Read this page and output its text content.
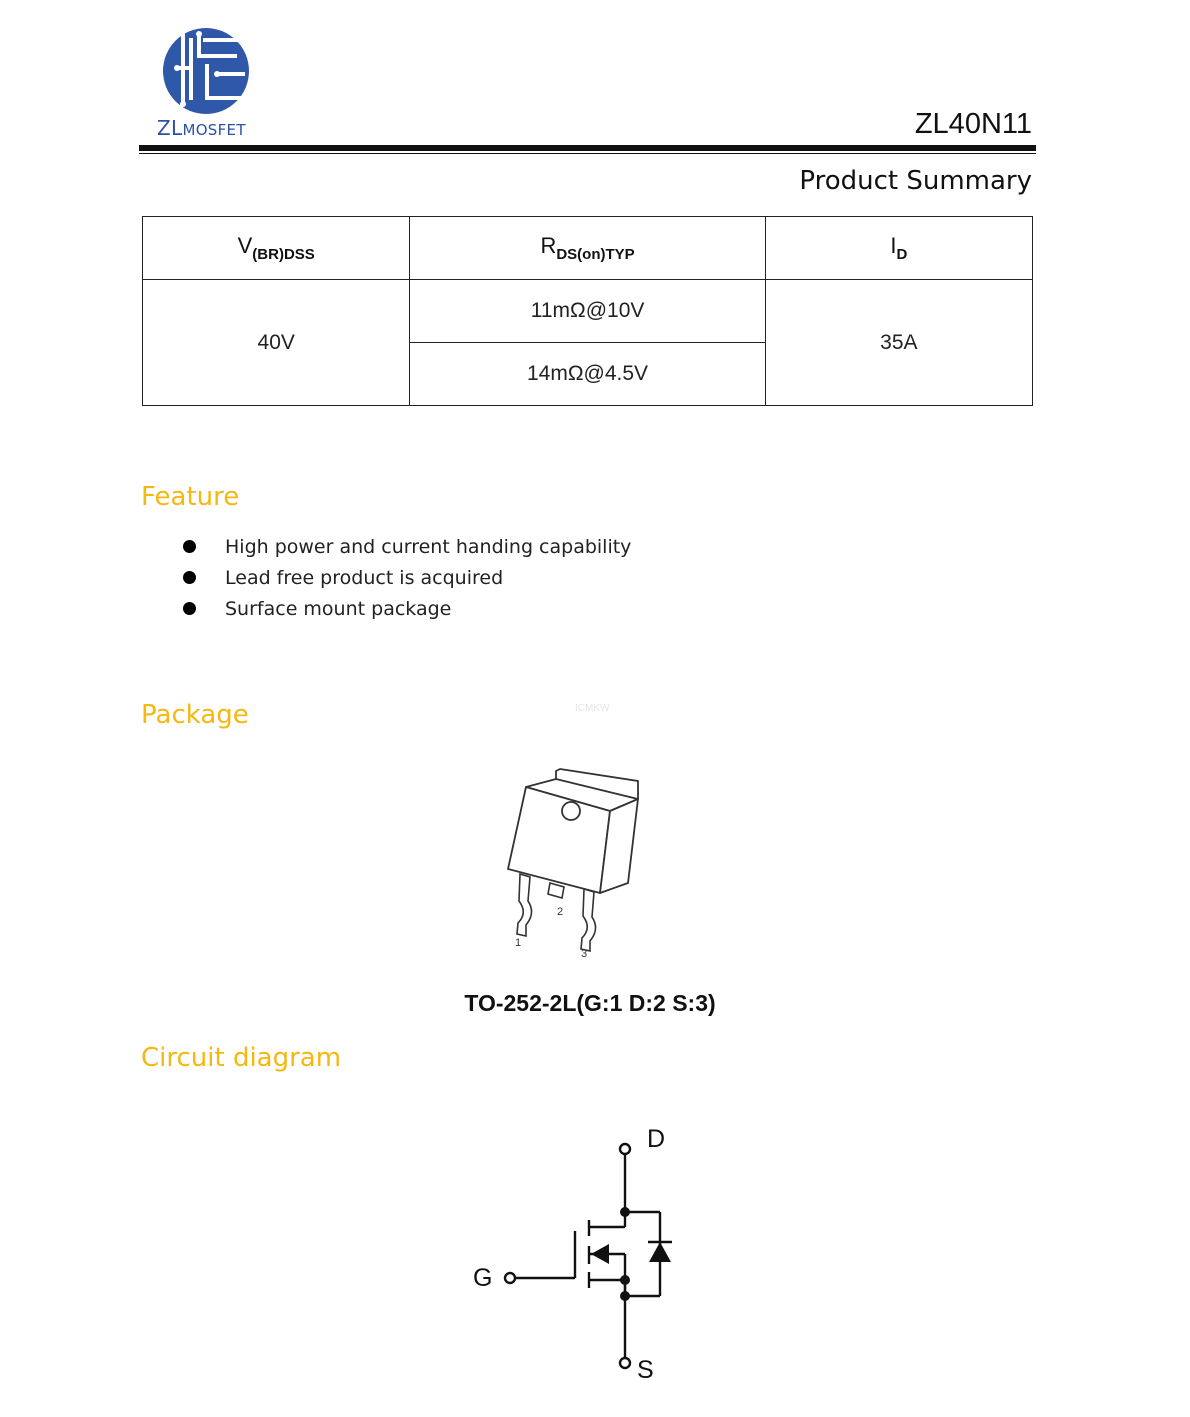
ZLMOSFET	ZL40N11
Product Summary
$V_{(BR)DSS}$	$R_{DS(on)TYP}$	$I_D$
40V	11mΩ@10V	35A
	14mΩ@4.5V	
Feature
High power and current handing capability
Lead free product is acquired
Surface mount package
Package	ICMKW
2
1
3
TO-252-2L(G:1 D:2 S:3)
Circuit diagram
D
G
S
